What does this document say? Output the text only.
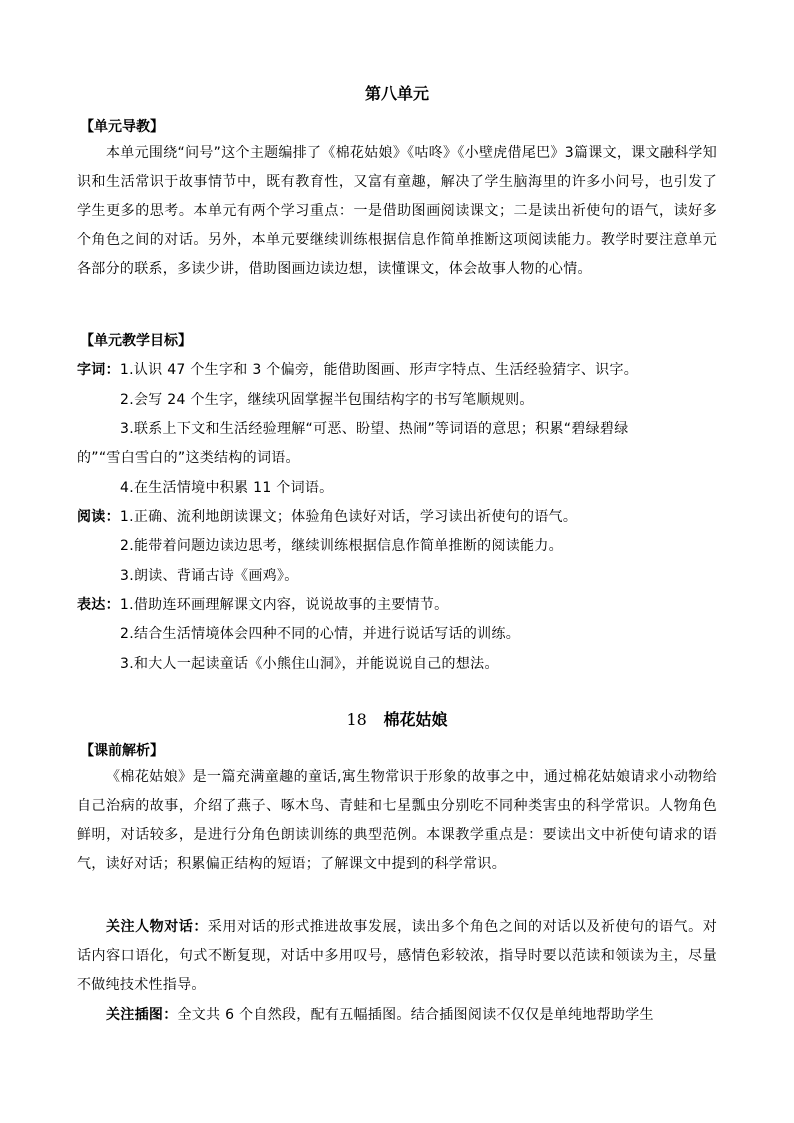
第八单元
【单元导教】

本单元围绕“问号”这个主题编排了《棉花姑娘》《咕咚》《小壁虎借尾巴》3篇课文，课文融科学知识和生活常识于故事情节中，既有教育性，又富有童趣，解决了学生脑海里的许多小问号，也引发了学生更多的思考。本单元有两个学习重点：一是借助图画阅读课文；二是读出祈使句的语气，读好多个角色之间的对话。另外，本单元要继续训练根据信息作简单推断这项阅读能力。教学时要注意单元各部分的联系，多读少讲，借助图画边读边想，读懂课文，体会故事人物的心情。

【单元教学目标】
字词：1.认识 47 个生字和 3 个偏旁，能借助图画、形声字特点、生活经验猜字、识字。
2.会写 24 个生字，继续巩固掌握半包围结构字的书写笔顺规则。
3.联系上下文和生活经验理解“可恶、盼望、热闹”等词语的意思；积累“碧绿碧绿
的”“雪白雪白的”这类结构的词语。
4.在生活情境中积累 11 个词语。
阅读：1.正确、流利地朗读课文；体验角色读好对话，学习读出祈使句的语气。
2.能带着问题边读边思考，继续训练根据信息作简单推断的阅读能力。
3.朗读、背诵古诗《画鸡》。
表达：1.借助连环画理解课文内容，说说故事的主要情节。
2.结合生活情境体会四种不同的心情，并进行说话写话的训练。
3.和大人一起读童话《小熊住山洞》，并能说说自己的想法。
18 棉花姑娘
【课前解析】

《棉花姑娘》是一篇充满童趣的童话,寓生物常识于形象的故事之中，通过棉花姑娘请求小动物给自己治病的故事，介绍了燕子、啄木鸟、青蛙和七星瓢虫分别吃不同种类害虫的科学常识。人物角色鲜明，对话较多，是进行分角色朗读训练的典型范例。本课教学重点是：要读出文中祈使句请求的语气，读好对话；积累偏正结构的短语；了解课文中提到的科学常识。

关注人物对话：采用对话的形式推进故事发展，读出多个角色之间的对话以及祈使句的语气。对话内容口语化，句式不断复现，对话中多用叹号，感情色彩较浓，指导时要以范读和领读为主，尽量不做纯技术性指导。

关注插图：全文共 6 个自然段，配有五幅插图。结合插图阅读不仅仅是单纯地帮助学生
